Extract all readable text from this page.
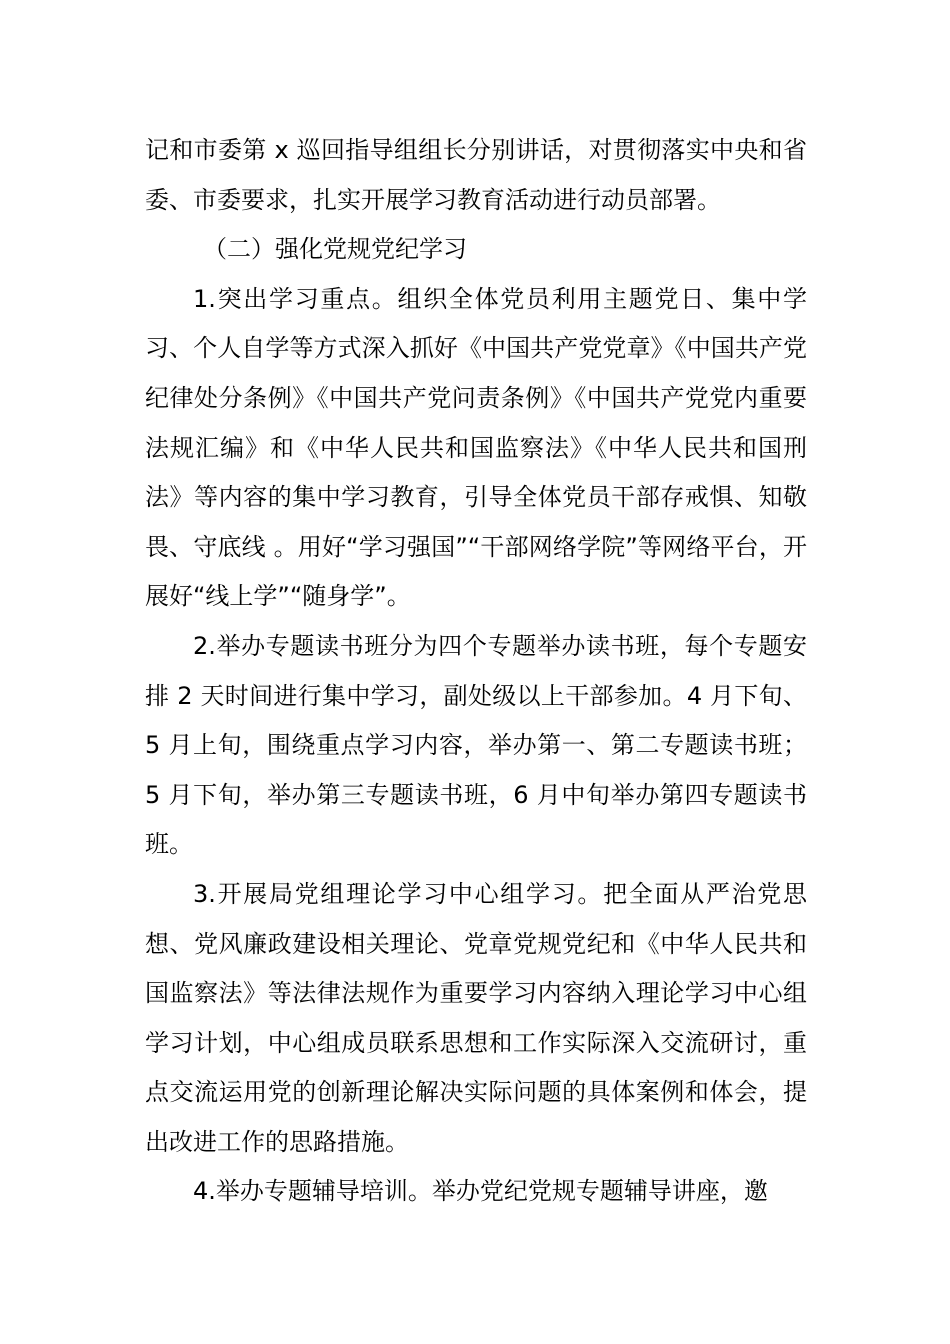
记和市委第 x 巡回指导组组长分别讲话，对贯彻落实中央和省委、市委要求，扎实开展学习教育活动进行动员部署。

（二）强化党规党纪学习

1.突出学习重点。组织全体党员利用主题党日、集中学习、个人自学等方式深入抓好《中国共产党党章》《中国共产党纪律处分条例》《中国共产党问责条例》《中国共产党党内重要法规汇编》和《中华人民共和国监察法》《中华人民共和国刑法》等内容的集中学习教育，引导全体党员干部存戒惧、知敬畏、守底线 。用好“学习强国”“干部网络学院”等网络平台，开展好“线上学”“随身学”。

2.举办专题读书班分为四个专题举办读书班，每个专题安排 2 天时间进行集中学习，副处级以上干部参加。4 月下旬、5 月上旬，围绕重点学习内容，举办第一、第二专题读书班；5 月下旬，举办第三专题读书班，6 月中旬举办第四专题读书班。

3.开展局党组理论学习中心组学习。把全面从严治党思想、党风廉政建设相关理论、党章党规党纪和《中华人民共和国监察法》等法律法规作为重要学习内容纳入理论学习中心组学习计划，中心组成员联系思想和工作实际深入交流研讨，重点交流运用党的创新理论解决实际问题的具体案例和体会，提出改进工作的思路措施。

4.举办专题辅导培训。举办党纪党规专题辅导讲座，邀
